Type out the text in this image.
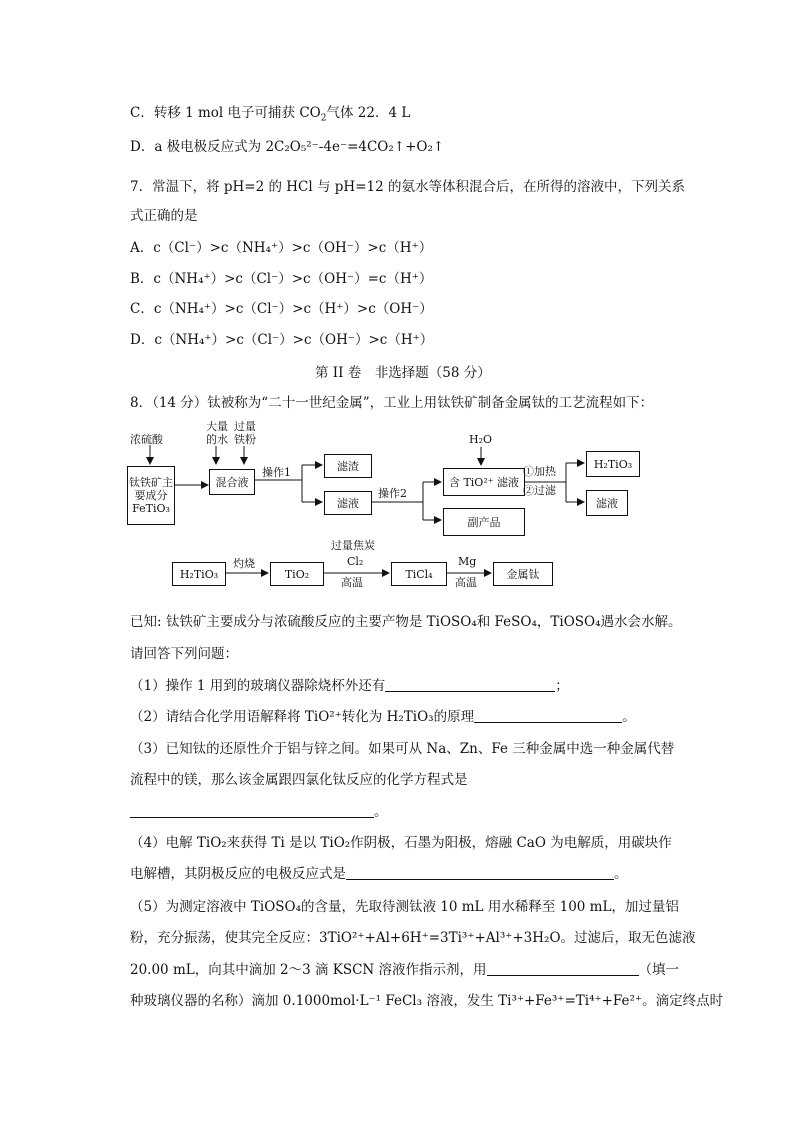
C．转移 1 mol 电子可捕获 $CO_2$气体 22．4 L
D．a 极电极反应式为 2C₂O₅²⁻-4e⁻=4CO₂↑+O₂↑
7．常温下，将 pH=2 的 HCl 与 pH=12 的氨水等体积混合后，在所得的溶液中，下列关系
式正确的是
A．c（Cl⁻）>c（NH₄⁺）>c（OH⁻）>c（H⁺）
B．c（NH₄⁺）>c（Cl⁻）>c（OH⁻）=c（H⁺）
C．c（NH₄⁺）>c（Cl⁻）>c（H⁺）>c（OH⁻）
D．c（NH₄⁺）>c（Cl⁻）>c（OH⁻）>c（H⁺）
第 II 卷　非选择题（58 分）
8．（14 分）钛被称为“二十一世纪金属”，工业上用钛铁矿制备金属钛的工艺流程如下：
浓硫酸
大量的水
过量铁粉
钛铁矿主要成分FeTiO₃
混合液
操作1	滤渣
滤液
操作2
H₂O
含 TiO²⁺ 滤液
副产品
①加热
②过滤
H₂TiO₃
滤液
H₂TiO₃
灼烧
TiO₂
过量焦炭
Cl₂
高温
TiCl₄
Mg
高温
金属钛
已知: 钛铁矿主要成分与浓硫酸反应的主要产物是 TiOSO₄和 FeSO₄，TiOSO₄遇水会水解。
请回答下列问题：
（1）操作 1 用到的玻璃仪器除烧杯外还有	；
（2）请结合化学用语解释将 TiO²⁺转化为 H₂TiO₃的原理	。
（3）已知钛的还原性介于铝与锌之间。如果可从 Na、Zn、Fe 三种金属中选一种金属代替
流程中的镁，那么该金属跟四氯化钛反应的化学方程式是
。
（4）电解 TiO₂来获得 Ti 是以 TiO₂作阴极，石墨为阳极，熔融 CaO 为电解质，用碳块作
电解槽，其阴极反应的电极反应式是	。
（5）为测定溶液中 TiOSO₄的含量，先取待测钛液 10 mL 用水稀释至 100 mL，加过量铝
粉，充分振荡，使其完全反应：3TiO²⁺+Al+6H⁺=3Ti³⁺+Al³⁺+3H₂O。过滤后，取无色滤液
20.00 mL，向其中滴加 2～3 滴 KSCN 溶液作指示剂，用	（填一
种玻璃仪器的名称）滴加 0.1000mol·L⁻¹ FeCl₃ 溶液，发生 Ti³⁺+Fe³⁺=Ti⁴⁺+Fe²⁺。滴定终点时
